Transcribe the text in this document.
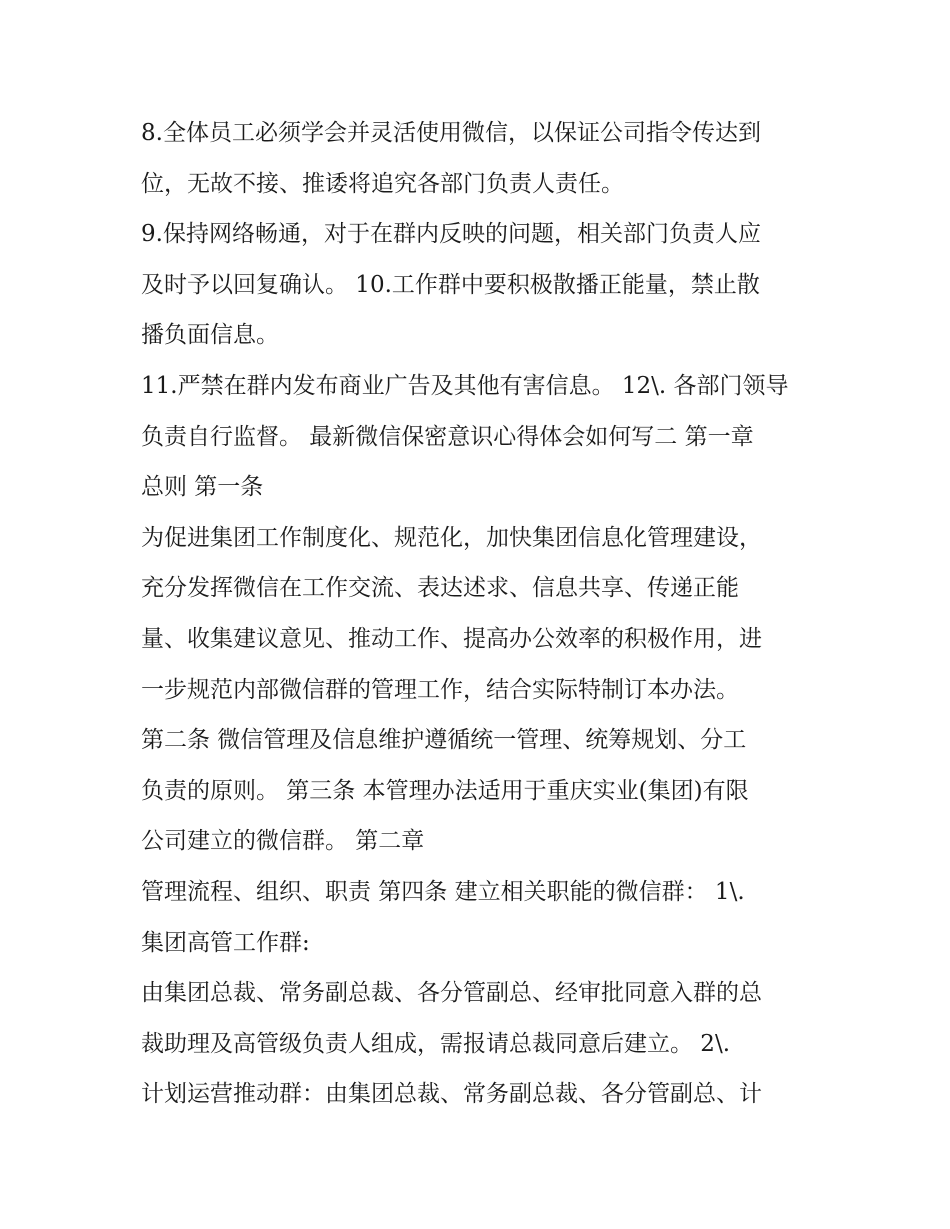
8.全体员工必须学会并灵活使用微信，以保证公司指令传达到
位，无故不接、推诿将追究各部门负责人责任。
9.保持网络畅通，对于在群内反映的问题，相关部门负责人应
及时予以回复确认。 10.工作群中要积极散播正能量，禁止散
播负面信息。
11.严禁在群内发布商业广告及其他有害信息。 12\. 各部门领导
负责自行监督。 最新微信保密意识心得体会如何写二 第一章
总则 第一条
为促进集团工作制度化、规范化，加快集团信息化管理建设，
充分发挥微信在工作交流、表达述求、信息共享、传递正能
量、收集建议意见、推动工作、提高办公效率的积极作用，进
一步规范内部微信群的管理工作，结合实际特制订本办法。
第二条 微信管理及信息维护遵循统一管理、统筹规划、分工
负责的原则。 第三条 本管理办法适用于重庆实业(集团)有限
公司建立的微信群。 第二章
管理流程、组织、职责 第四条 建立相关职能的微信群： 1\.
集团高管工作群:
由集团总裁、常务副总裁、各分管副总、经审批同意入群的总
裁助理及高管级负责人组成，需报请总裁同意后建立。 2\.
计划运营推动群：由集团总裁、常务副总裁、各分管副总、计
